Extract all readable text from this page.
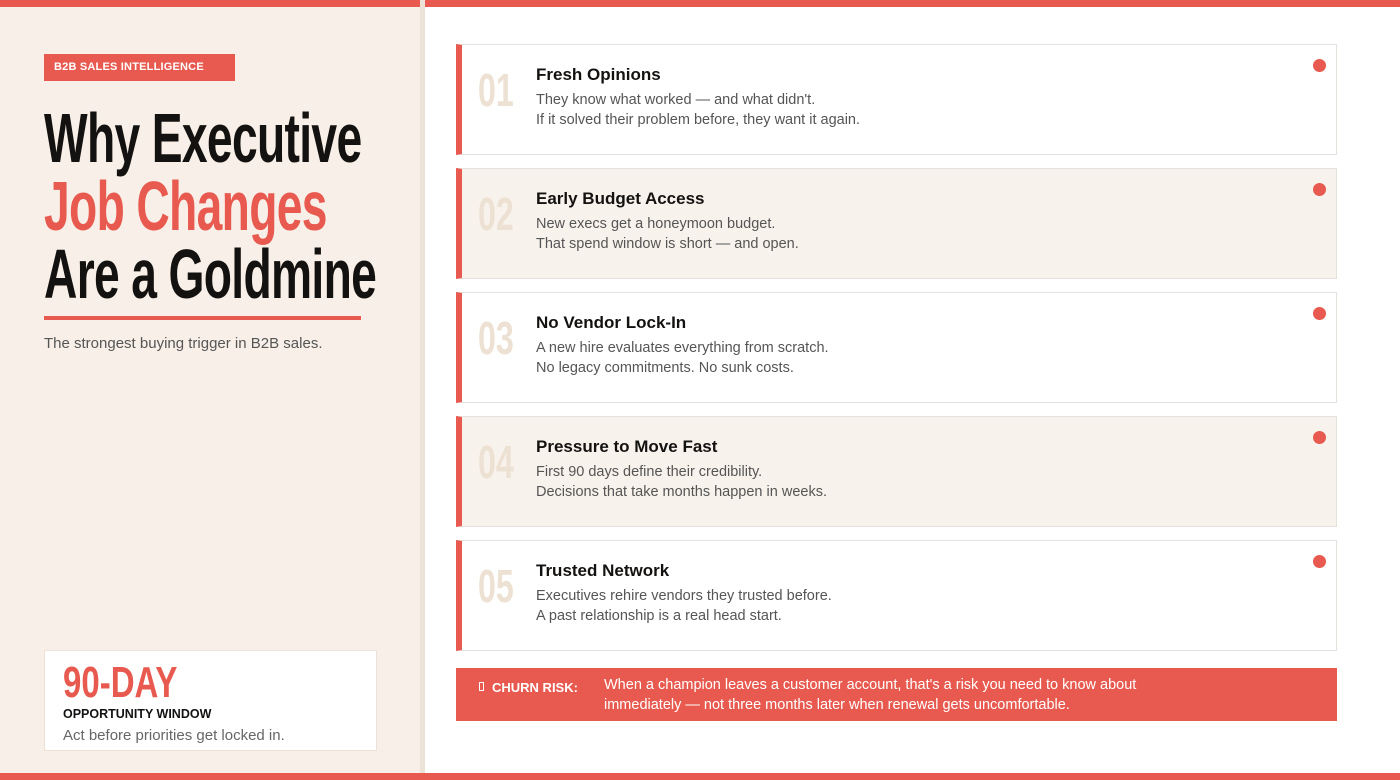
B2B SALES INTELLIGENCE
Why Executive
Job Changes
Are a Goldmine
The strongest buying trigger in B2B sales.
90-DAY
OPPORTUNITY WINDOW
Act before priorities get locked in.
01 Fresh Opinions
They know what worked — and what didn't.
If it solved their problem before, they want it again.
02 Early Budget Access
New execs get a honeymoon budget.
That spend window is short — and open.
03 No Vendor Lock-In
A new hire evaluates everything from scratch.
No legacy commitments. No sunk costs.
04 Pressure to Move Fast
First 90 days define their credibility.
Decisions that take months happen in weeks.
05 Trusted Network
Executives rehire vendors they trusted before.
A past relationship is a real head start.
CHURN RISK: When a champion leaves a customer account, that's a risk you need to know about immediately — not three months later when renewal gets uncomfortable.
